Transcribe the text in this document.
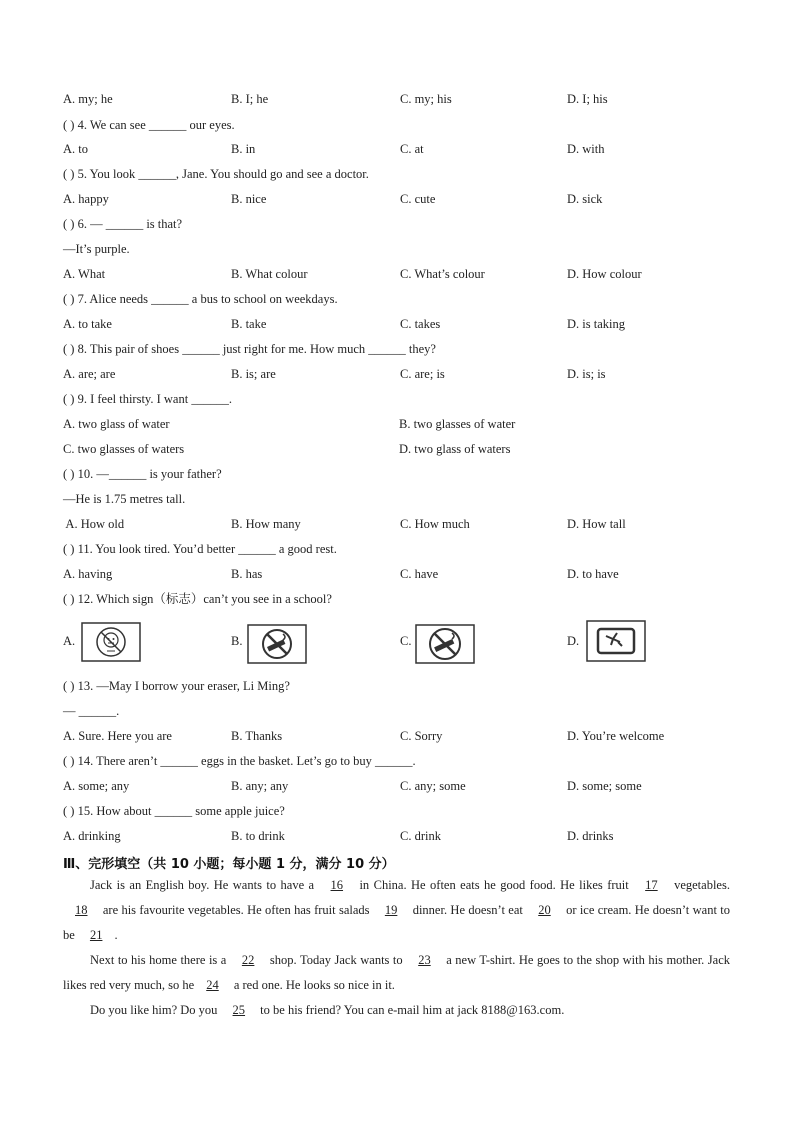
A. my; he	B. I; he	C. my; his	D. I; his
( ) 4. We can see ______ our eyes.
A. to	B. in	C. at	D. with
( ) 5. You look ______, Jane. You should go and see a doctor.
A. happy	B. nice	C. cute	D. sick
( ) 6. — ______ is that?
—It’s purple.
A. What	B. What colour	C. What’s colour	D. How colour
( ) 7. Alice needs ______ a bus to school on weekdays.
A. to take	B. take	C. takes	D. is taking
( ) 8. This pair of shoes ______ just right for me. How much ______ they?
A. are; are	B. is; are	C. are; is	D. is; is
( ) 9. I feel thirsty. I want ______.
A. two glass of water	B. two glasses of water
C. two glasses of waters	D. two glass of waters
( ) 10. —______ is your father?
—He is 1.75 metres tall.
A. How old	B. How many	C. How much	D. How tall
( ) 11. You look tired. You’d better ______ a good rest.
A. having	B. has	C. have	D. to have
( ) 12. Which sign（标志）can’t you see in a school?
A.	B.	C.	D.
( ) 13. —May I borrow your eraser, Li Ming?
— ______.
A. Sure. Here you are	B. Thanks	C. Sorry	D. You’re welcome
( ) 14. There aren’t ______ eggs in the basket. Let’s go to buy ______.
A. some; any	B. any; any	C. any; some	D. some; some
( ) 15. How about ______ some apple juice?
A. drinking	B. to drink	C. drink	D. drinks
Ⅲ、完形填空（共 10 小题；每小题 1 分，满分 10 分）
Jack is an English boy. He wants to have a 16 in China. He often eats he good food. He likes fruit 17 vegetables. 18 are his favourite vegetables. He often has fruit salads 19 dinner. He doesn’t eat 20 or ice cream. He doesn’t want to be 21 .
Next to his home there is a 22 shop. Today Jack wants to 23 a new T-shirt. He goes to the shop with his mother. Jack likes red very much, so he 24 a red one. He looks so nice in it.
Do you like him? Do you 25 to be his friend? You can e-mail him at jack 8188@163.com.
